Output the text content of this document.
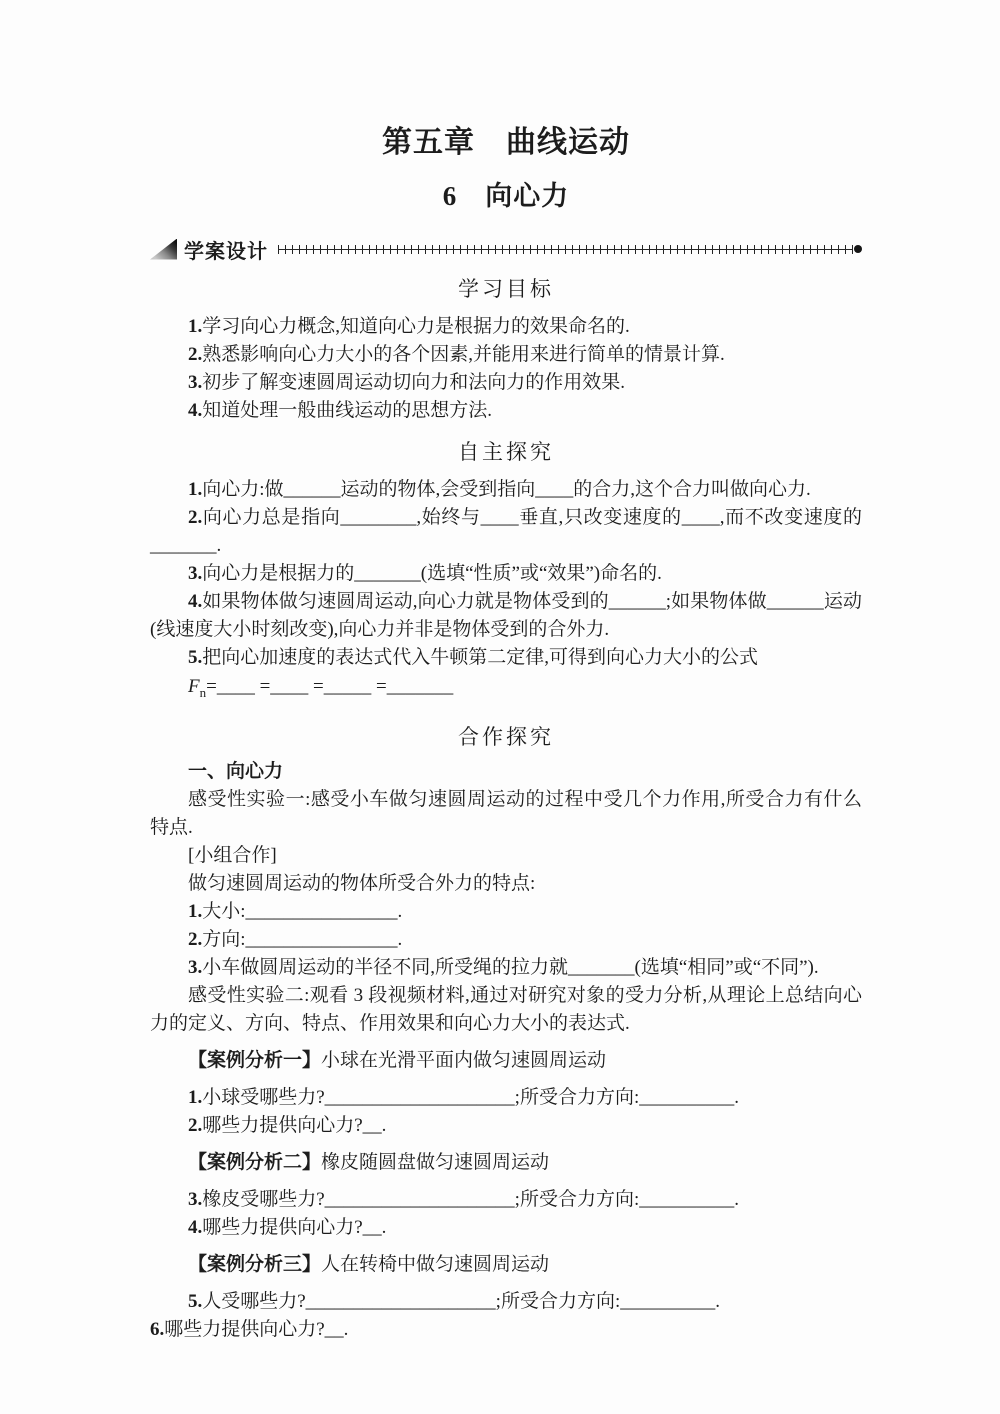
第五章　曲线运动
6　向心力
学案设计
学习目标

1.学习向心力概念,知道向心力是根据力的效果命名的.

2.熟悉影响向心力大小的各个因素,并能用来进行简单的情景计算.

3.初步了解变速圆周运动切向力和法向力的作用效果.

4.知道处理一般曲线运动的思想方法.

自主探究

1.向心力:做______运动的物体,会受到指向____的合力,这个合力叫做向心力.

2.向心力总是指向________,始终与____垂直,只改变速度的____,而不改变速度的_______.

3.向心力是根据力的_______(选填“性质”或“效果”)命名的.

4.如果物体做匀速圆周运动,向心力就是物体受到的______;如果物体做______运动(线速度大小时刻改变),向心力并非是物体受到的合外力.

5.把向心加速度的表达式代入牛顿第二定律,可得到向心力大小的公式

$F_n=\_\_\_\_$ =____ =_____ =_______

合作探究

一、向心力

感受性实验一:感受小车做匀速圆周运动的过程中受几个力作用,所受合力有什么特点.

[小组合作]

做匀速圆周运动的物体所受合外力的特点:

1.大小:________________.

2.方向:________________.

3.小车做圆周运动的半径不同,所受绳的拉力就_______(选填“相同”或“不同”).

感受性实验二:观看 3 段视频材料,通过对研究对象的受力分析,从理论上总结向心力的定义、方向、特点、作用效果和向心力大小的表达式.

【案例分析一】小球在光滑平面内做匀速圆周运动

1.小球受哪些力?____________________;所受合力方向:__________.

2.哪些力提供向心力?__.

【案例分析二】橡皮随圆盘做匀速圆周运动

3.橡皮受哪些力?____________________;所受合力方向:__________.

4.哪些力提供向心力?__.

【案例分析三】人在转椅中做匀速圆周运动

5.人受哪些力?____________________;所受合力方向:__________.

6.哪些力提供向心力?__.
